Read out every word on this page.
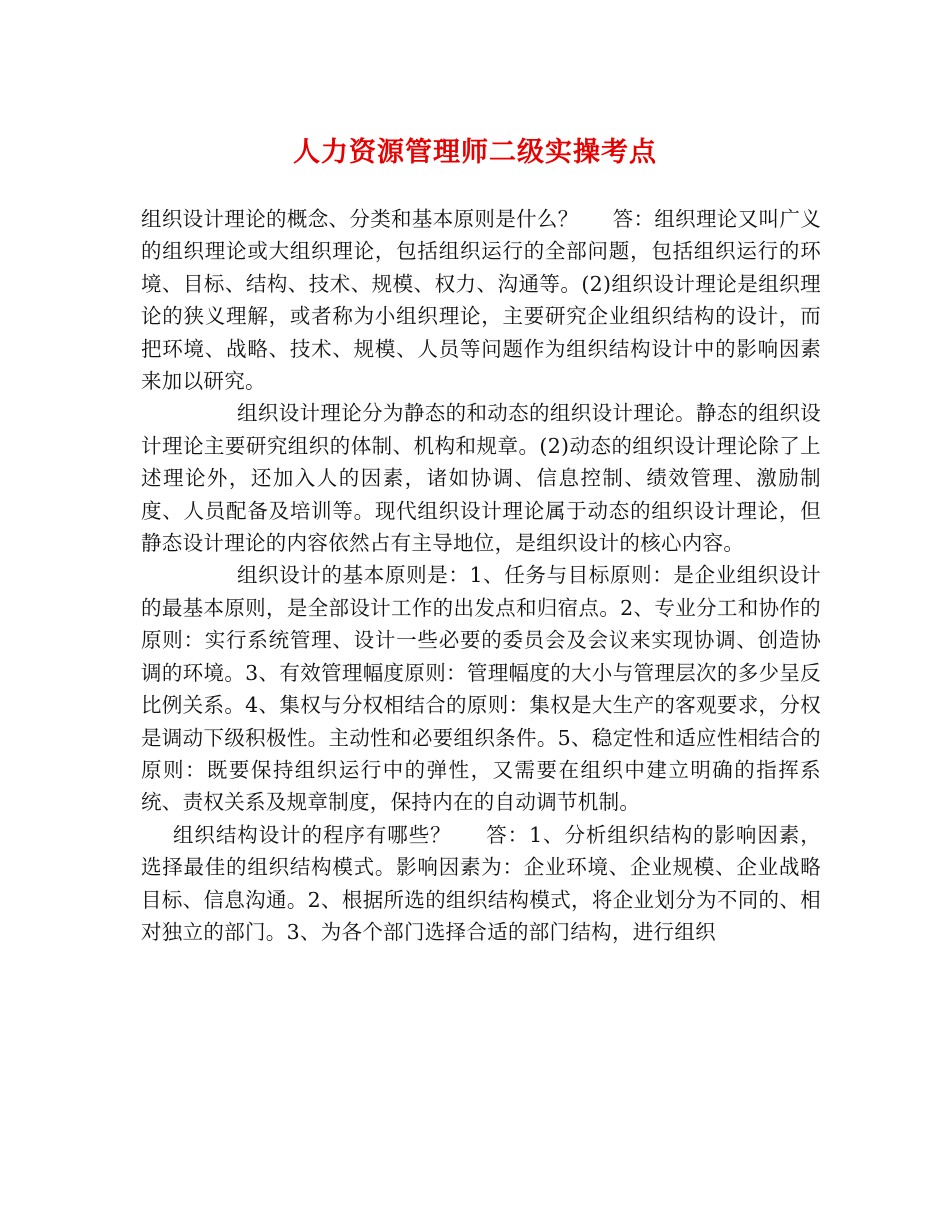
人力资源管理师二级实操考点

组织设计理论的概念、分类和基本原则是什么？ 答：组织理论又叫广义的组织理论或大组织理论，包括组织运行的全部问题，包括组织运行的环境、目标、结构、技术、规模、权力、沟通等。(2)组织设计理论是组织理论的狭义理解，或者称为小组织理论，主要研究企业组织结构的设计，而把环境、战略、技术、规模、人员等问题作为组织结构设计中的影响因素来加以研究。

组织设计理论分为静态的和动态的组织设计理论。静态的组织设计理论主要研究组织的体制、机构和规章。(2)动态的组织设计理论除了上述理论外，还加入人的因素，诸如协调、信息控制、绩效管理、激励制度、人员配备及培训等。现代组织设计理论属于动态的组织设计理论，但静态设计理论的内容依然占有主导地位，是组织设计的核心内容。

组织设计的基本原则是：1、任务与目标原则：是企业组织设计的最基本原则，是全部设计工作的出发点和归宿点。2、专业分工和协作的原则：实行系统管理、设计一些必要的委员会及会议来实现协调、创造协调的环境。3、有效管理幅度原则：管理幅度的大小与管理层次的多少呈反比例关系。4、集权与分权相结合的原则：集权是大生产的客观要求，分权是调动下级积极性。主动性和必要组织条件。5、稳定性和适应性相结合的原则：既要保持组织运行中的弹性，又需要在组织中建立明确的指挥系统、责权关系及规章制度，保持内在的自动调节机制。

组织结构设计的程序有哪些？ 答：1、分析组织结构的影响因素，选择最佳的组织结构模式。影响因素为：企业环境、企业规模、企业战略目标、信息沟通。2、根据所选的组织结构模式，将企业划分为不同的、相对独立的部门。3、为各个部门选择合适的部门结构，进行组织
